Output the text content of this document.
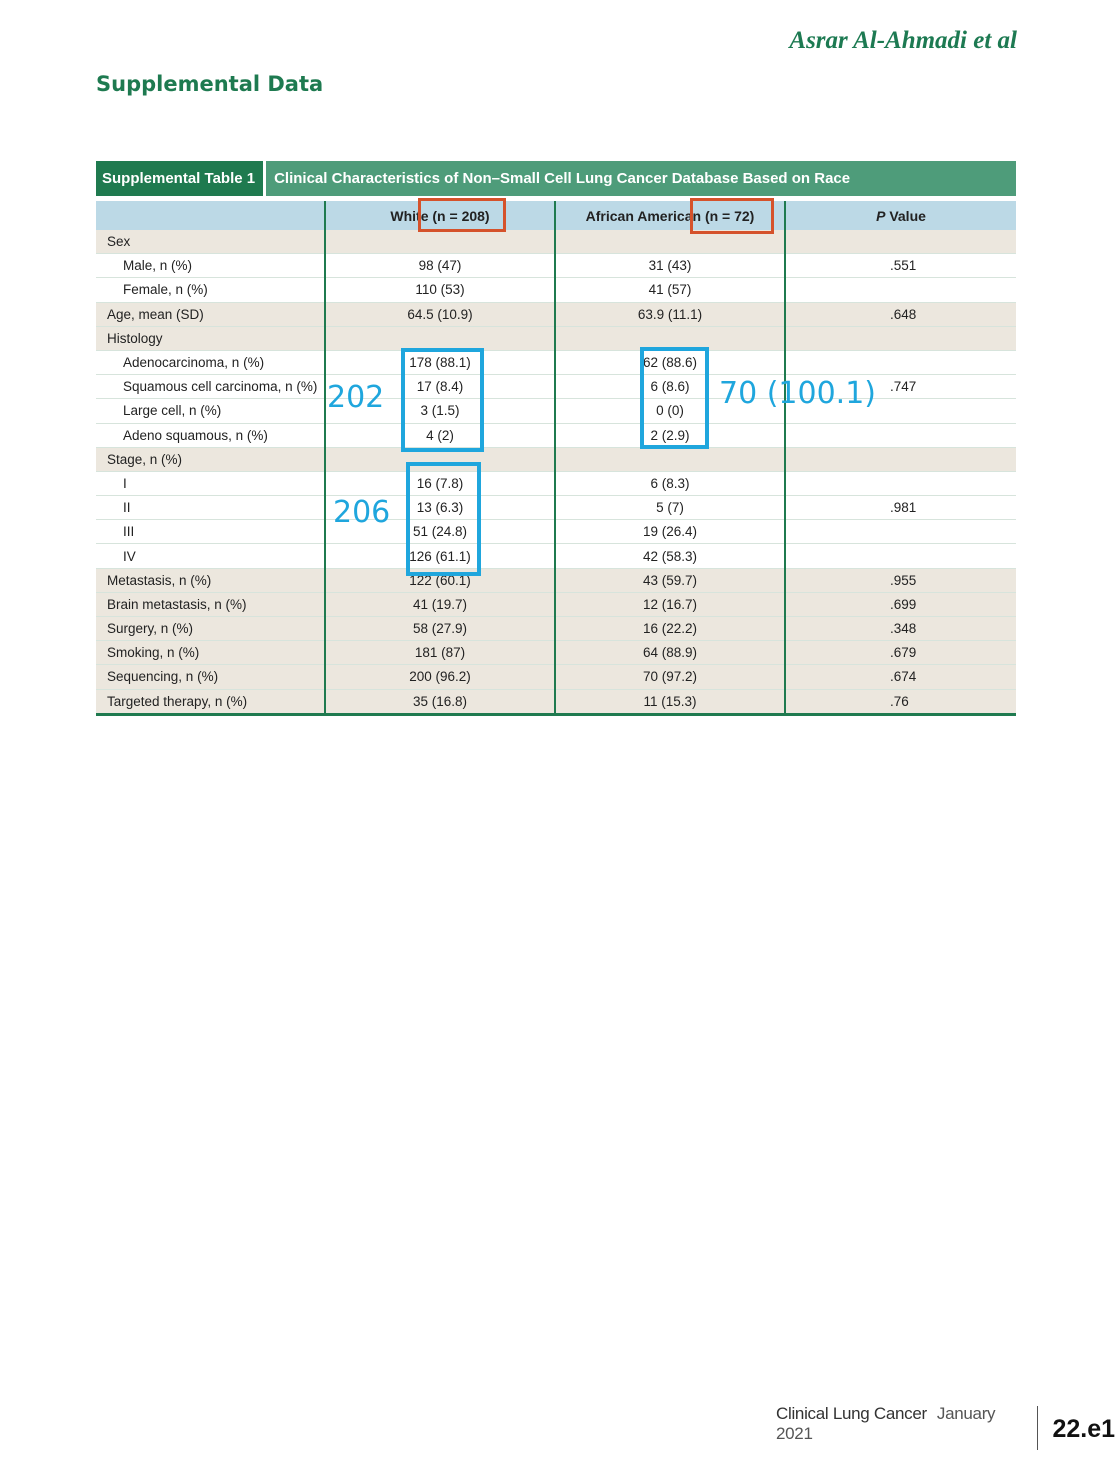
Asrar Al-Ahmadi et al
Supplemental Data
Supplemental Table 1	Clinical Characteristics of Non–Small Cell Lung Cancer Database Based on Race
	White (n = 208)	African American (n = 72)	P Value
Sex			
Male, n (%)	98 (47)	31 (43)	.551
Female, n (%)	110 (53)	41 (57)	
Age, mean (SD)	64.5 (10.9)	63.9 (11.1)	.648
Histology			
Adenocarcinoma, n (%)	178 (88.1)	62 (88.6)	
Squamous cell carcinoma, n (%)	17 (8.4)	6 (8.6)	.747
Large cell, n (%)	3 (1.5)	0 (0)	
Adeno squamous, n (%)	4 (2)	2 (2.9)	
Stage, n (%)			
I	16 (7.8)	6 (8.3)	
II	13 (6.3)	5 (7)	.981
III	51 (24.8)	19 (26.4)	
IV	126 (61.1)	42 (58.3)	
Metastasis, n (%)	122 (60.1)	43 (59.7)	.955
Brain metastasis, n (%)	41 (19.7)	12 (16.7)	.699
Surgery, n (%)	58 (27.9)	16 (22.2)	.348
Smoking, n (%)	181 (87)	64 (88.9)	.679
Sequencing, n (%)	200 (96.2)	70 (97.2)	.674
Targeted therapy, n (%)	35 (16.8)	11 (15.3)	.76
202	70 (100.1)
206
Clinical Lung Cancer January 2021	22.e1
